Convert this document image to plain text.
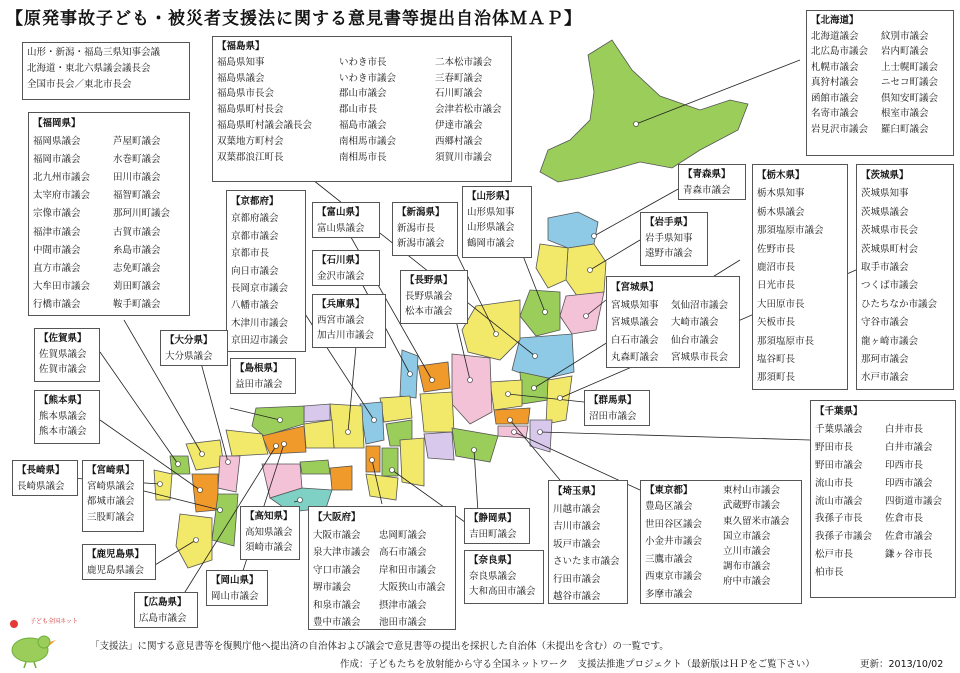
【原発事故子ども・被災者支援法に関する意見書等提出自治体ＭＡＰ】
山形・新潟・福島三県知事会議
北海道・東北六県議会議長会
全国市長会／東北市長会
【北海道】
北海道議会
北広島市議会
札幌市議会
真狩村議会
函館市議会
名寄市議会
岩見沢市議会
紋別市議会
岩内町議会
上士幌町議会
ニセコ町議会
倶知安町議会
根室市議会
羅臼町議会
【福島県】
福島県知事
福島県議会
福島県市長会
福島県町村長会
福島県町村議会議長会
双葉地方町村会
双葉郡浪江町長
いわき市長
いわき市議会
郡山市議会
郡山市長
福島市議会
南相馬市議会
南相馬市長
二本松市議会
三春町議会
石川町議会
会津若松市議会
伊達市議会
西郷村議会
須賀川市議会
【福岡県】
福岡県議会
福岡市議会
北九州市議会
太宰府市議会
宗像市議会
福津市議会
中間市議会
直方市議会
大牟田市議会
行橋市議会
芦屋町議会
水巻町議会
田川市議会
福智町議会
那珂川町議会
古賀市議会
糸島市議会
志免町議会
苅田町議会
鞍手町議会
【青森県】
青森市議会
【栃木県】
栃木県知事
栃木県議会
那須塩原市議会
佐野市長
鹿沼市長
日光市長
大田原市長
矢板市長
那須塩原市長
塩谷町長
那須町長
【茨城県】
茨城県知事
茨城県議会
茨城県市長会
茨城県町村会
取手市議会
つくば市議会
ひたちなか市議会
守谷市議会
龍ヶ崎市議会
那珂市議会
水戸市議会
【京都府】
京都府議会
京都市議会
京都市長
向日市議会
長岡京市議会
八幡市議会
木津川市議会
京田辺市議会
【富山県】
富山県議会
【新潟県】
新潟市長
新潟市議会
【山形県】
山形県知事
山形県議会
鶴岡市議会
【岩手県】
岩手県知事
遠野市議会
【石川県】
金沢市議会	【長野県】
長野県議会
松本市議会
【兵庫県】
西宮市議会
加古川市議会
【宮城県】
宮城県知事
宮城県議会
白石市議会
丸森町議会
気仙沼市議会
大崎市議会
仙台市議会
宮城県市長会
【佐賀県】
佐賀県議会
佐賀市議会
【大分県】
大分県議会
【島根県】
益田市議会
【群馬県】
沼田市議会
【熊本県】
熊本県議会
熊本市議会
【千葉県】
千葉県議会
野田市長
野田市議会
流山市長
流山市議会
我孫子市長
我孫子市議会
松戸市長
柏市長
白井市長
白井市議会
印西市長
印西市議会
四街道市議会
佐倉市長
佐倉市議会
鎌ヶ谷市長
【長崎県】
長崎県議会
【宮崎県】
宮崎県議会
都城市議会
三股町議会	【高知県】
高知県議会
須崎市議会
【大阪府】
大阪市議会
泉大津市議会
守口市議会
堺市議会
和泉市議会
豊中市議会
忠岡町議会
高石市議会
岸和田市議会
大阪狭山市議会
摂津市議会
池田市議会
【埼玉県】
川越市議会
吉川市議会
坂戸市議会
さいたま市議会
行田市議会
越谷市議会
【東京都】
豊島区議会
世田谷区議会
小金井市議会
三鷹市議会
西東京市議会
多摩市議会
東村山市議会
武蔵野市議会
東久留米市議会
国立市議会
立川市議会
調布市議会
府中市議会
【静岡県】
吉田町議会
【鹿児島県】
鹿児島県議会
【岡山県】
岡山市議会
【奈良県】
奈良県議会
大和高田市議会
【広島県】
広島市議会
子ども全国ネット
「支援法」に関する意見書等を復興庁他へ提出済の自治体および議会で意見書等の提出を採択した自治体（未提出を含む）の一覧です。
作成：子どもたちを放射能から守る全国ネットワーク　支援法推進プロジェクト（最新版はＨＰをご覧下さい）	更新：2013/10/02
